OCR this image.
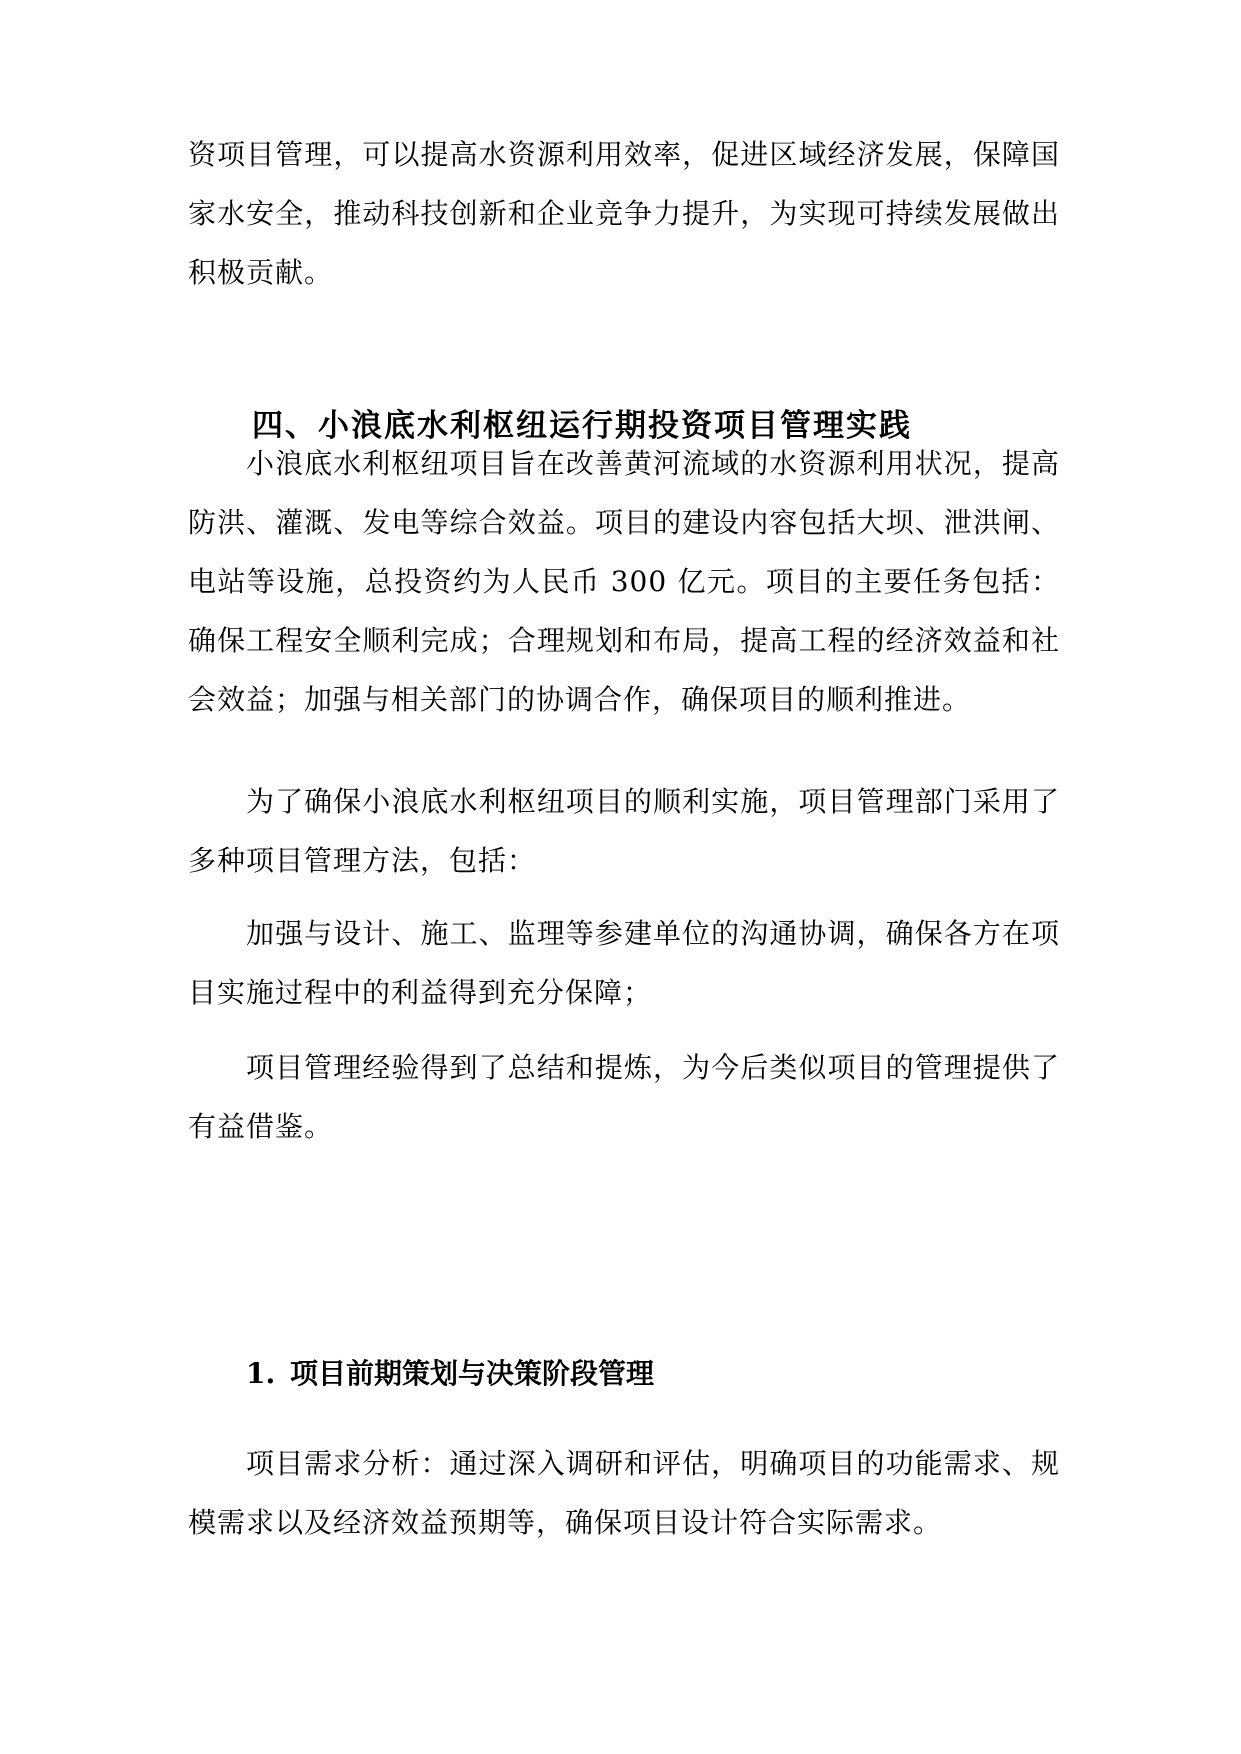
资项目管理，可以提高水资源利用效率，促进区域经济发展，保障国家水安全，推动科技创新和企业竞争力提升，为实现可持续发展做出积极贡献。

四、小浪底水利枢纽运行期投资项目管理实践

小浪底水利枢纽项目旨在改善黄河流域的水资源利用状况，提高防洪、灌溉、发电等综合效益。项目的建设内容包括大坝、泄洪闸、电站等设施，总投资约为人民币 300 亿元。项目的主要任务包括：确保工程安全顺利完成；合理规划和布局，提高工程的经济效益和社会效益；加强与相关部门的协调合作，确保项目的顺利推进。

为了确保小浪底水利枢纽项目的顺利实施，项目管理部门采用了多种项目管理方法，包括：

加强与设计、施工、监理等参建单位的沟通协调，确保各方在项目实施过程中的利益得到充分保障；

项目管理经验得到了总结和提炼，为今后类似项目的管理提供了有益借鉴。

1. 项目前期策划与决策阶段管理

项目需求分析：通过深入调研和评估，明确项目的功能需求、规模需求以及经济效益预期等，确保项目设计符合实际需求。
